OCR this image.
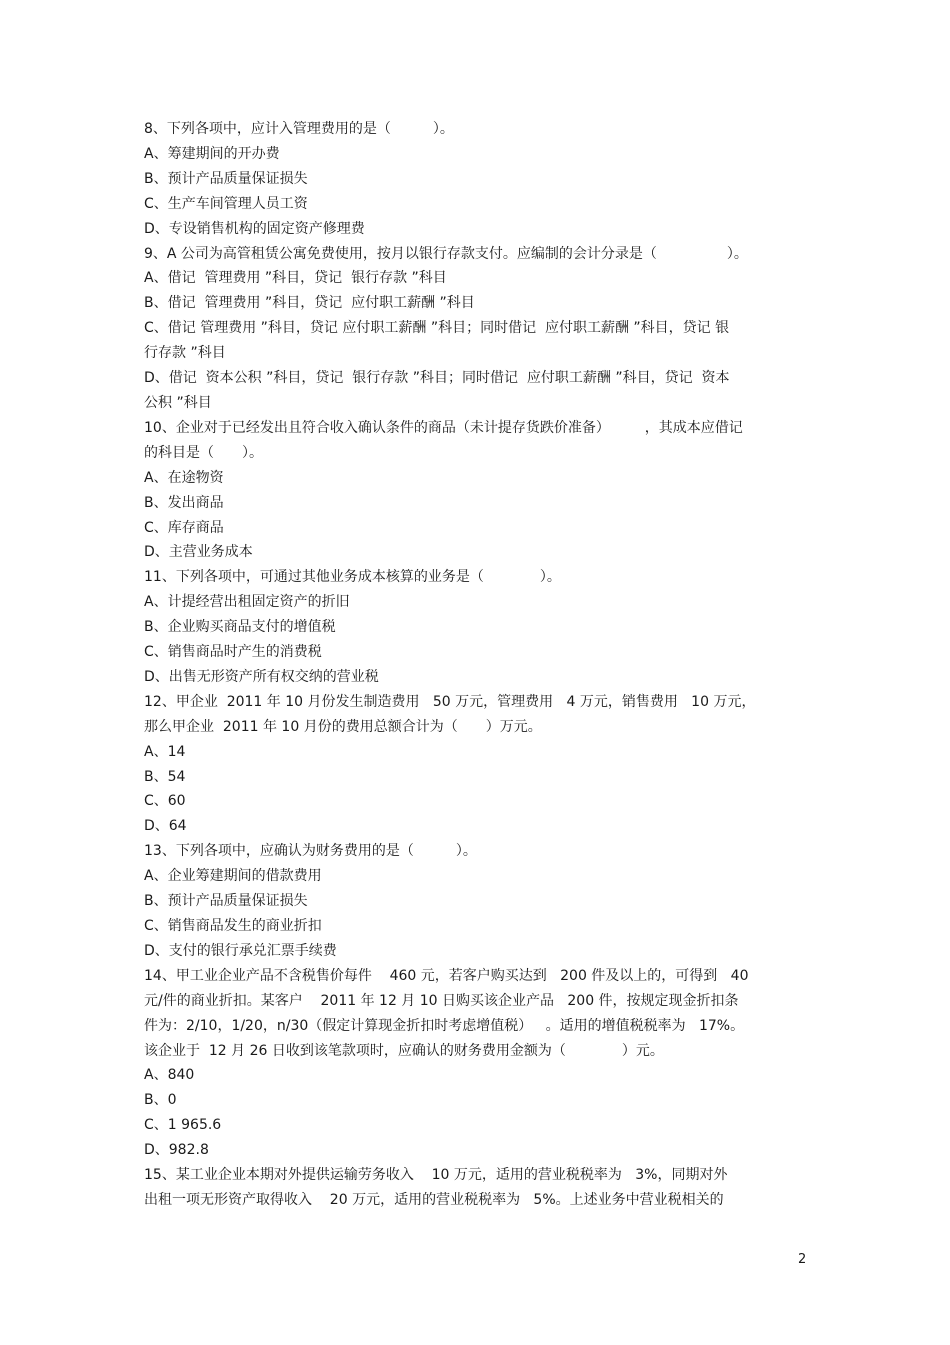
8、下列各项中，应计入管理费用的是（　　　）。

A、筹建期间的开办费

B、预计产品质量保证损失

C、生产车间管理人员工资

D、专设销售机构的固定资产修理费

9、A 公司为高管租赁公寓免费使用，按月以银行存款支付。应编制的会计分录是（　　　　　）。

A、借记  管理费用 ”科目，贷记  银行存款 ”科目

B、借记  管理费用 ”科目，贷记  应付职工薪酬 ”科目

C、借记 管理费用 ”科目，贷记 应付职工薪酬 ”科目；同时借记  应付职工薪酬 ”科目，贷记 银

行存款 ”科目

D、借记  资本公积 ”科目，贷记  银行存款 ”科目；同时借记  应付职工薪酬 ”科目，贷记  资本

公积 ”科目

10、企业对于已经发出且符合收入确认条件的商品（未计提存货跌价准备）　　　，其成本应借记

的科目是（　　）。

A、在途物资

B、发出商品

C、库存商品

D、主营业务成本

11、下列各项中，可通过其他业务成本核算的业务是（　　　　）。

A、计提经营出租固定资产的折旧

B、企业购买商品支付的增值税

C、销售商品时产生的消费税

D、出售无形资产所有权交纳的营业税

12、甲企业  2011 年 10 月份发生制造费用   50 万元，管理费用   4 万元，销售费用   10 万元，

那么甲企业  2011 年 10 月份的费用总额合计为（　　）万元。

A、14

B、54

C、60

D、64

13、下列各项中，应确认为财务费用的是（　　　）。

A、企业筹建期间的借款费用

B、预计产品质量保证损失

C、销售商品发生的商业折扣

D、支付的银行承兑汇票手续费

14、甲工业企业产品不含税售价每件    460 元，若客户购买达到   200 件及以上的，可得到   40

元/件的商业折扣。某客户    2011 年 12 月 10 日购买该企业产品   200 件，按规定现金折扣条

件为：2/10，1/20，n/30（假定计算现金折扣时考虑增值税）   。适用的增值税税率为   17%。

该企业于  12 月 26 日收到该笔款项时，应确认的财务费用金额为（　　　　）元。

A、840

B、0

C、1 965.6

D、982.8

15、某工业企业本期对外提供运输劳务收入    10 万元，适用的营业税税率为   3%，同期对外

出租一项无形资产取得收入    20 万元，适用的营业税税率为   5%。上述业务中营业税相关的

2
